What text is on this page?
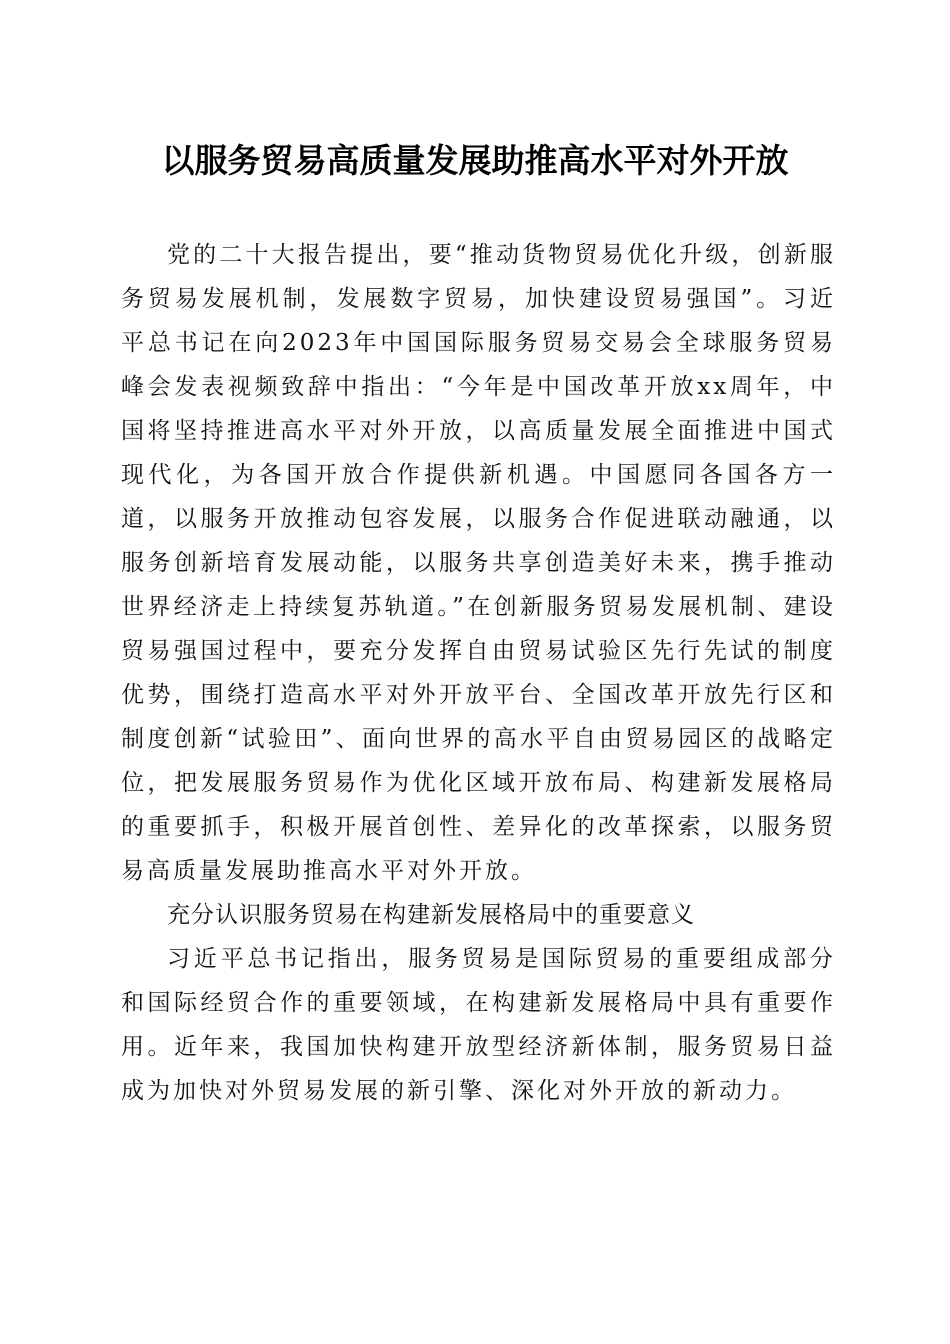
以服务贸易高质量发展助推高水平对外开放

党的二十大报告提出，要“推动货物贸易优化升级，创新服务贸易发展机制，发展数字贸易，加快建设贸易强国”。习近平总书记在向2023年中国国际服务贸易交易会全球服务贸易峰会发表视频致辞中指出：“今年是中国改革开放xx周年，中国将坚持推进高水平对外开放，以高质量发展全面推进中国式现代化，为各国开放合作提供新机遇。中国愿同各国各方一道，以服务开放推动包容发展，以服务合作促进联动融通，以服务创新培育发展动能，以服务共享创造美好未来，携手推动世界经济走上持续复苏轨道。”在创新服务贸易发展机制、建设贸易强国过程中，要充分发挥自由贸易试验区先行先试的制度优势，围绕打造高水平对外开放平台、全国改革开放先行区和制度创新“试验田”、面向世界的高水平自由贸易园区的战略定位，把发展服务贸易作为优化区域开放布局、构建新发展格局的重要抓手，积极开展首创性、差异化的改革探索，以服务贸易高质量发展助推高水平对外开放。

充分认识服务贸易在构建新发展格局中的重要意义

习近平总书记指出，服务贸易是国际贸易的重要组成部分和国际经贸合作的重要领域，在构建新发展格局中具有重要作用。近年来，我国加快构建开放型经济新体制，服务贸易日益成为加快对外贸易发展的新引擎、深化对外开放的新动力。
